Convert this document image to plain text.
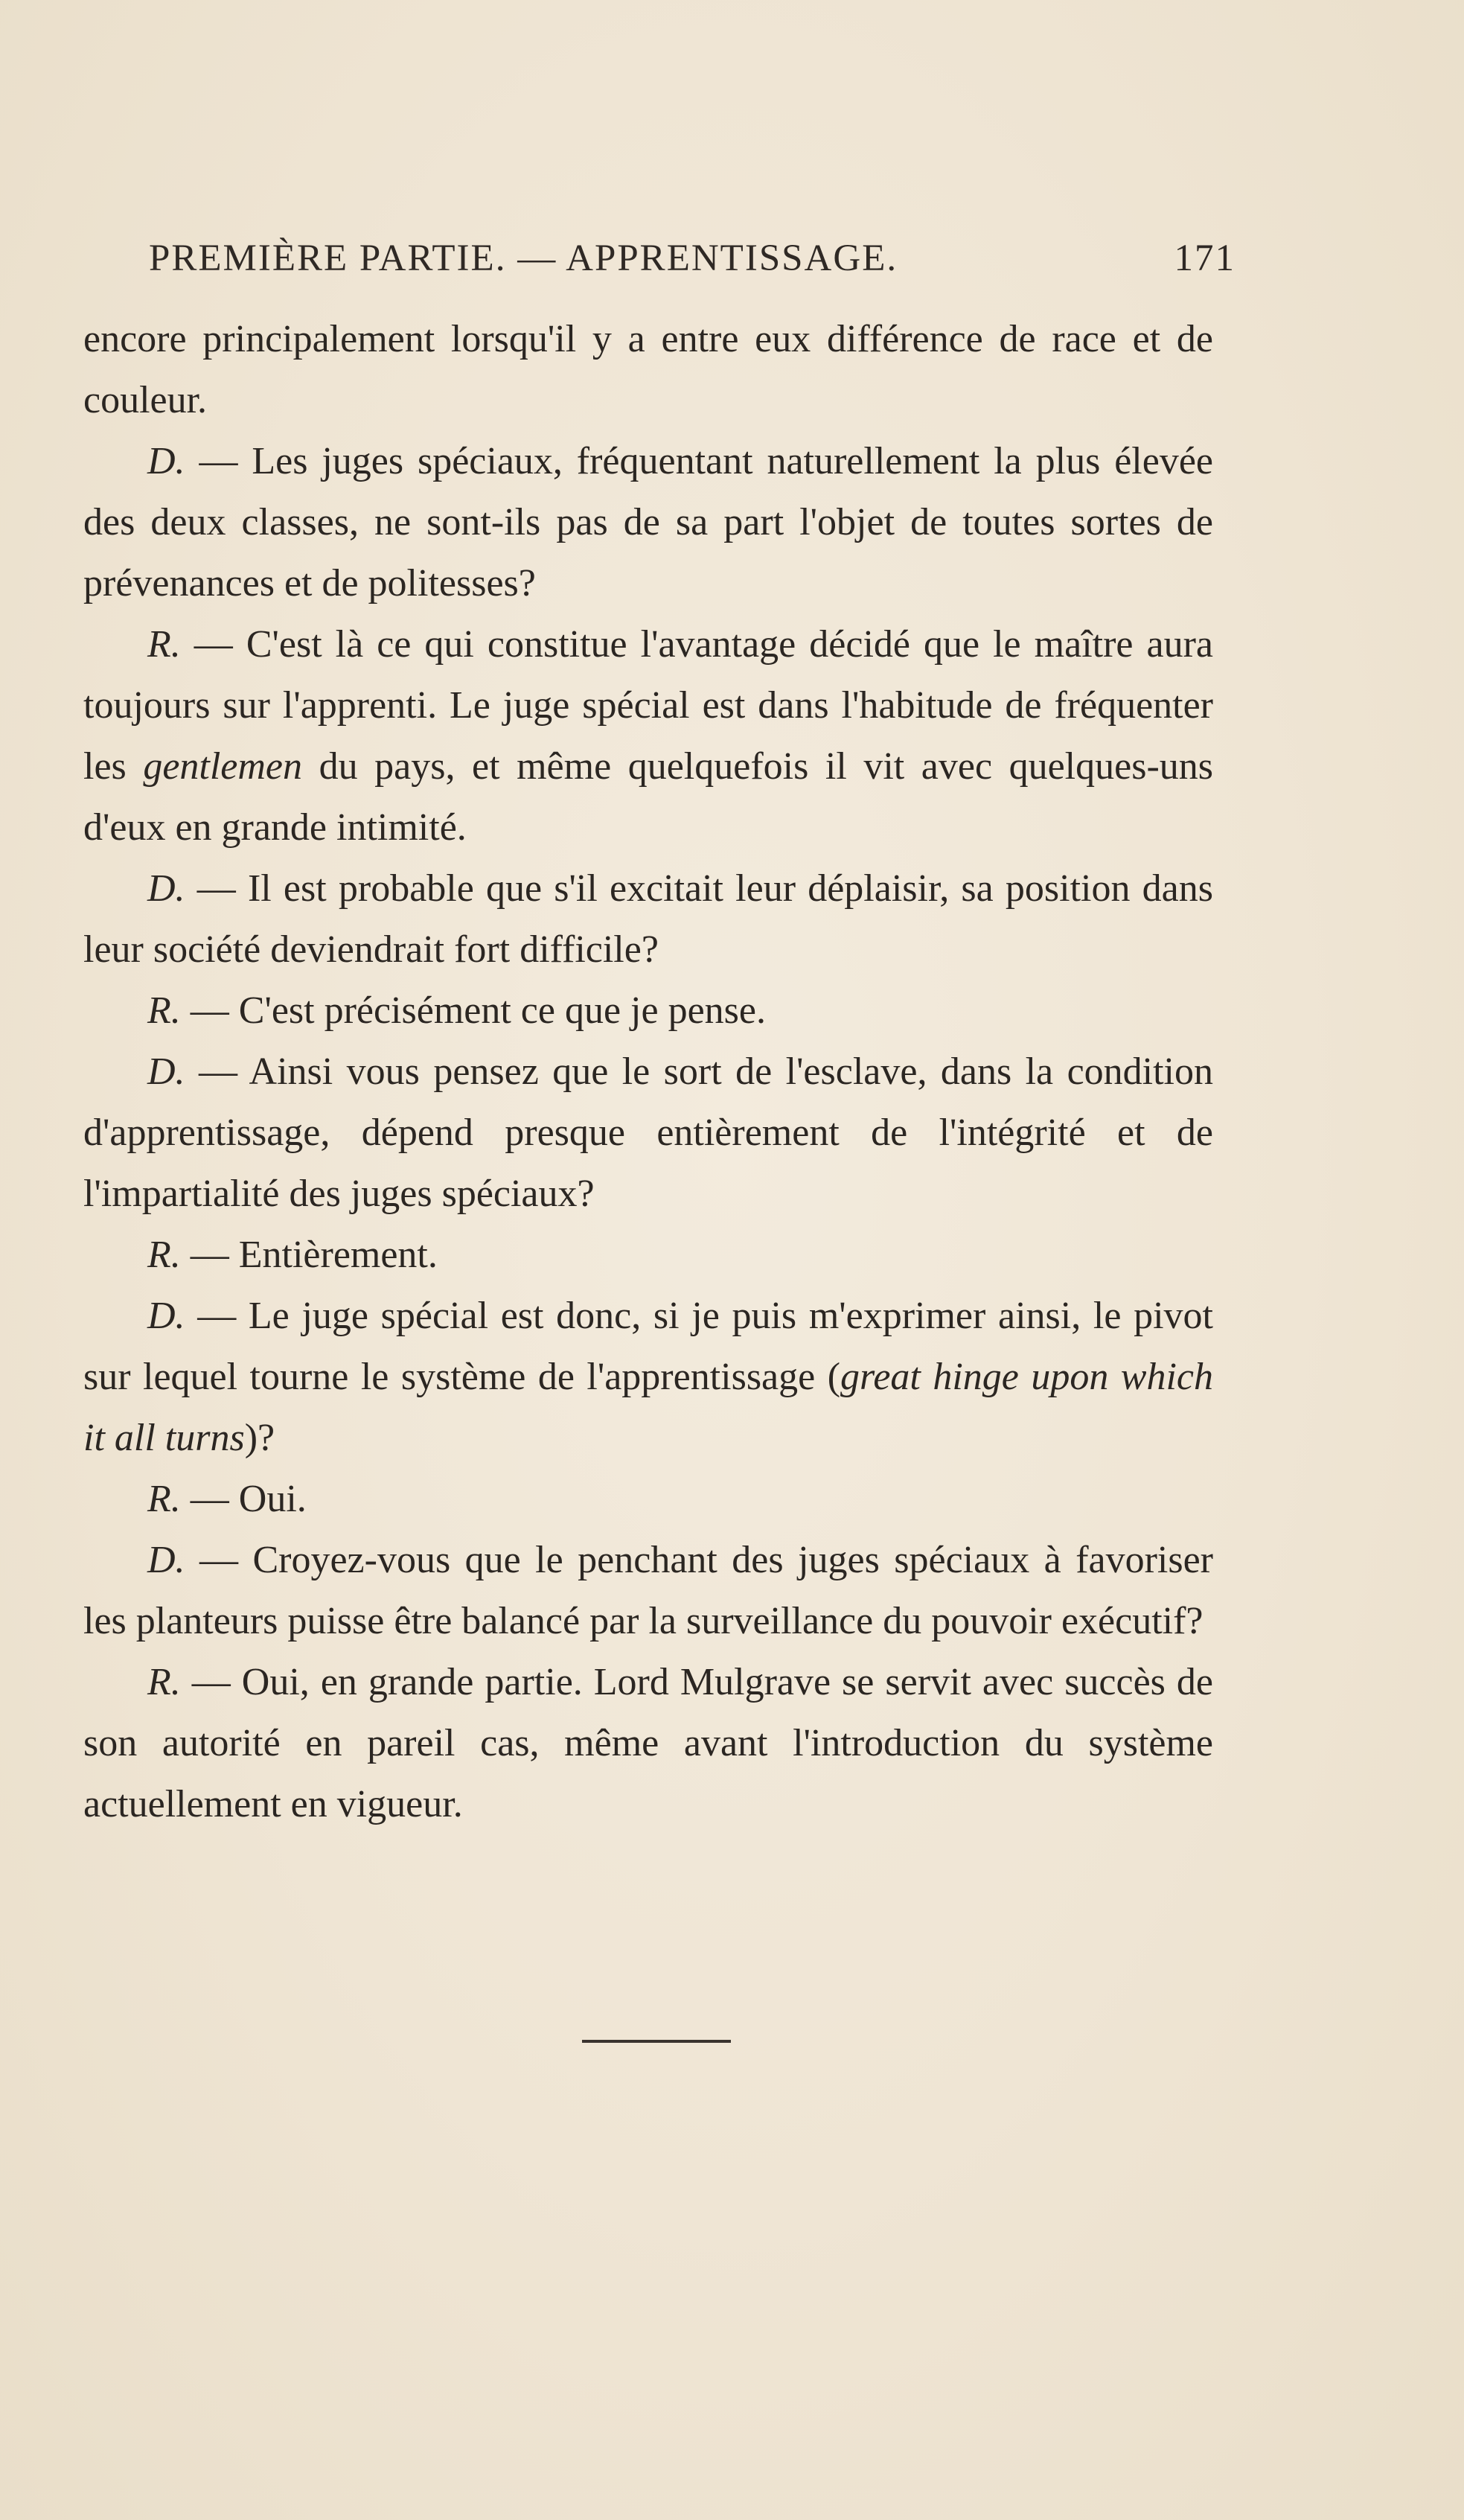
PREMIÈRE PARTIE. — APPRENTISSAGE.	171

encore principalement lorsqu'il y a entre eux différence de race et de couleur.

D. — Les juges spéciaux, fréquentant naturellement la plus élevée des deux classes, ne sont-ils pas de sa part l'objet de toutes sortes de prévenances et de politesses?

R. — C'est là ce qui constitue l'avantage décidé que le maître aura toujours sur l'apprenti. Le juge spécial est dans l'habitude de fréquenter les gentlemen du pays, et même quelquefois il vit avec quelques-uns d'eux en grande intimité.

D. — Il est probable que s'il excitait leur déplaisir, sa position dans leur société deviendrait fort difficile?

R. — C'est précisément ce que je pense.

D. — Ainsi vous pensez que le sort de l'esclave, dans la condition d'apprentissage, dépend presque entièrement de l'intégrité et de l'impartialité des juges spéciaux?

R. — Entièrement.

D. — Le juge spécial est donc, si je puis m'exprimer ainsi, le pivot sur lequel tourne le système de l'apprentissage (great hinge upon which it all turns)?

R. — Oui.

D. — Croyez-vous que le penchant des juges spéciaux à favoriser les planteurs puisse être balancé par la surveillance du pouvoir exécutif?

R. — Oui, en grande partie. Lord Mulgrave se servit avec succès de son autorité en pareil cas, même avant l'introduction du système actuellement en vigueur.
